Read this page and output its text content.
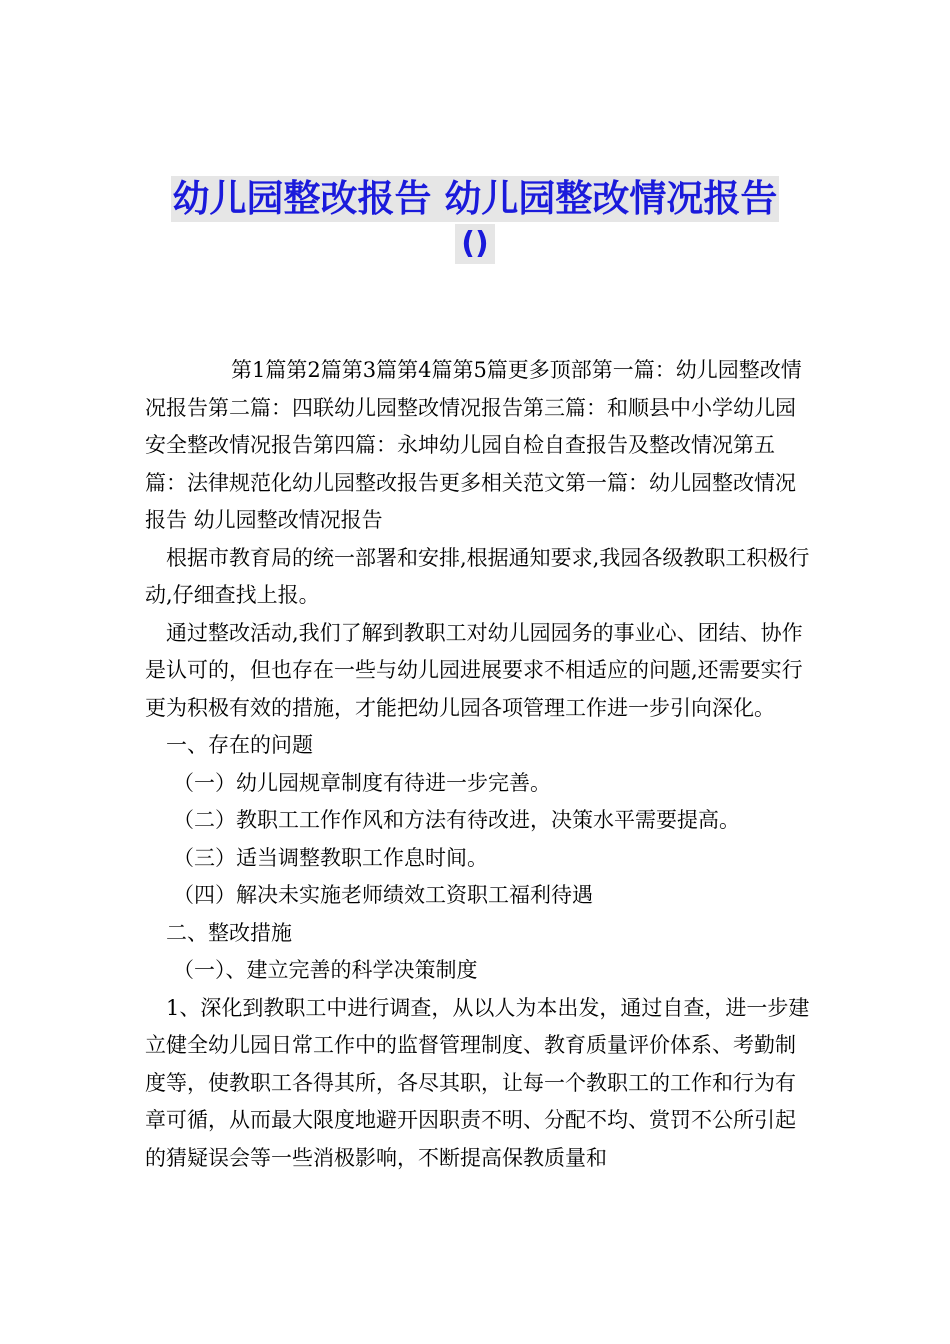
幼儿园整改报告 幼儿园整改情况报告
()

第1篇第2篇第3篇第4篇第5篇更多顶部第一篇：幼儿园整改情况报告第二篇：四联幼儿园整改情况报告第三篇：和顺县中小学幼儿园安全整改情况报告第四篇：永坤幼儿园自检自查报告及整改情况第五篇：法律规范化幼儿园整改报告更多相关范文第一篇：幼儿园整改情况报告 幼儿园整改情况报告

根据市教育局的统一部署和安排,根据通知要求,我园各级教职工积极行动,仔细查找上报。

通过整改活动,我们了解到教职工对幼儿园园务的事业心、团结、协作是认可的，但也存在一些与幼儿园进展要求不相适应的问题,还需要实行更为积极有效的措施，才能把幼儿园各项管理工作进一步引向深化。

一、存在的问题

（一）幼儿园规章制度有待进一步完善。

（二）教职工工作作风和方法有待改进，决策水平需要提高。

（三）适当调整教职工作息时间。

（四）解决未实施老师绩效工资职工福利待遇

二、整改措施

（一）、建立完善的科学决策制度

1、深化到教职工中进行调查，从以人为本出发，通过自查，进一步建立健全幼儿园日常工作中的监督管理制度、教育质量评价体系、考勤制度等，使教职工各得其所，各尽其职，让每一个教职工的工作和行为有章可循，从而最大限度地避开因职责不明、分配不均、赏罚不公所引起的猜疑误会等一些消极影响，不断提高保教质量和
